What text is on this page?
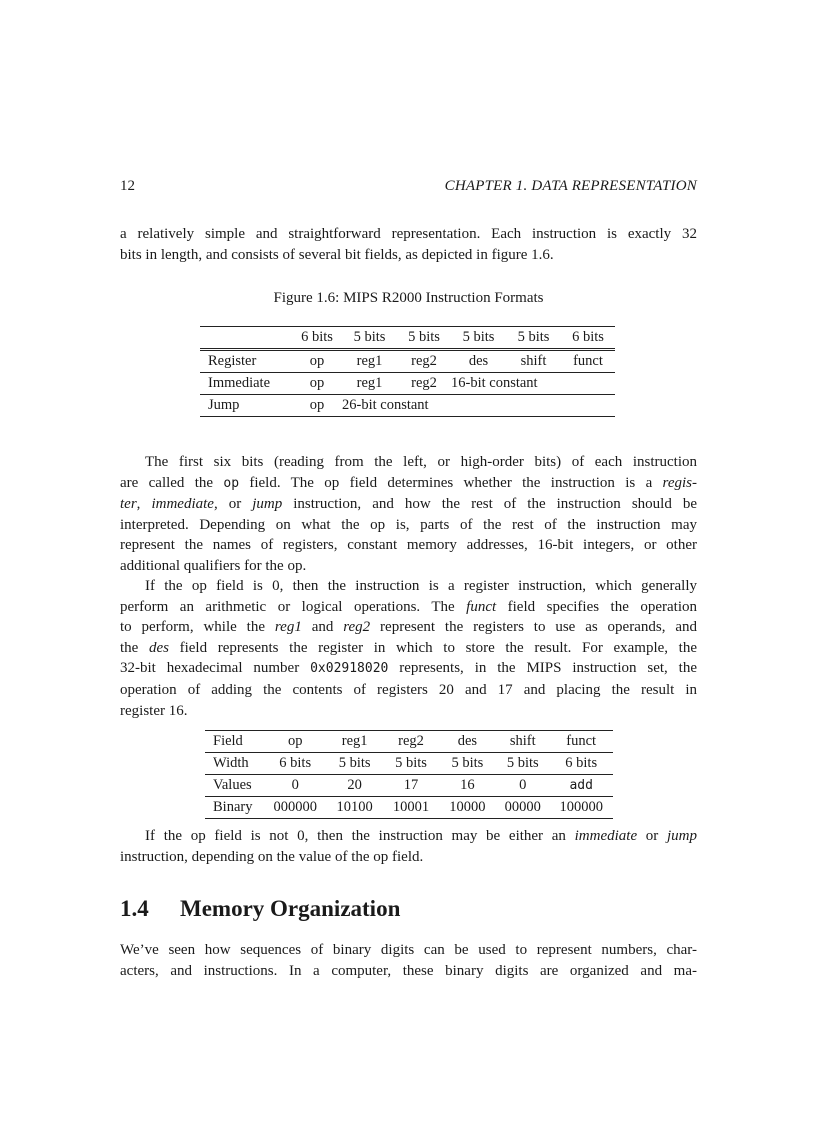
12	CHAPTER 1. DATA REPRESENTATION

a relatively simple and straightforward representation. Each instruction is exactly 32
bits in length, and consists of several bit fields, as depicted in figure 1.6.

Figure 1.6: MIPS R2000 Instruction Formats
	6 bits	5 bits	5 bits	5 bits	5 bits	6 bits
Register	op	reg1	reg2	des	shift	funct
Immediate	op	reg1	reg2	16-bit constant		
Jump	op	26-bit constant				

The first six bits (reading from the left, or high-order bits) of each instruction
are called the op field. The op field determines whether the instruction is a regis-
ter, immediate, or jump instruction, and how the rest of the instruction should be
interpreted. Depending on what the op is, parts of the rest of the instruction may
represent the names of registers, constant memory addresses, 16-bit integers, or other
additional qualifiers for the op.

If the op field is 0, then the instruction is a register instruction, which generally
perform an arithmetic or logical operations. The funct field specifies the operation
to perform, while the reg1 and reg2 represent the registers to use as operands, and
the des field represents the register in which to store the result. For example, the
32-bit hexadecimal number 0x02918020 represents, in the MIPS instruction set, the
operation of adding the contents of registers 20 and 17 and placing the result in
register 16.

Field	op	reg1	reg2	des	shift	funct
Width	6 bits	5 bits	5 bits	5 bits	5 bits	6 bits
Values	0	20	17	16	0	add
Binary	000000	10100	10001	10000	00000	100000

If the op field is not 0, then the instruction may be either an immediate or jump
instruction, depending on the value of the op field.

1.4 Memory Organization

We’ve seen how sequences of binary digits can be used to represent numbers, char-
acters, and instructions. In a computer, these binary digits are organized and ma-
